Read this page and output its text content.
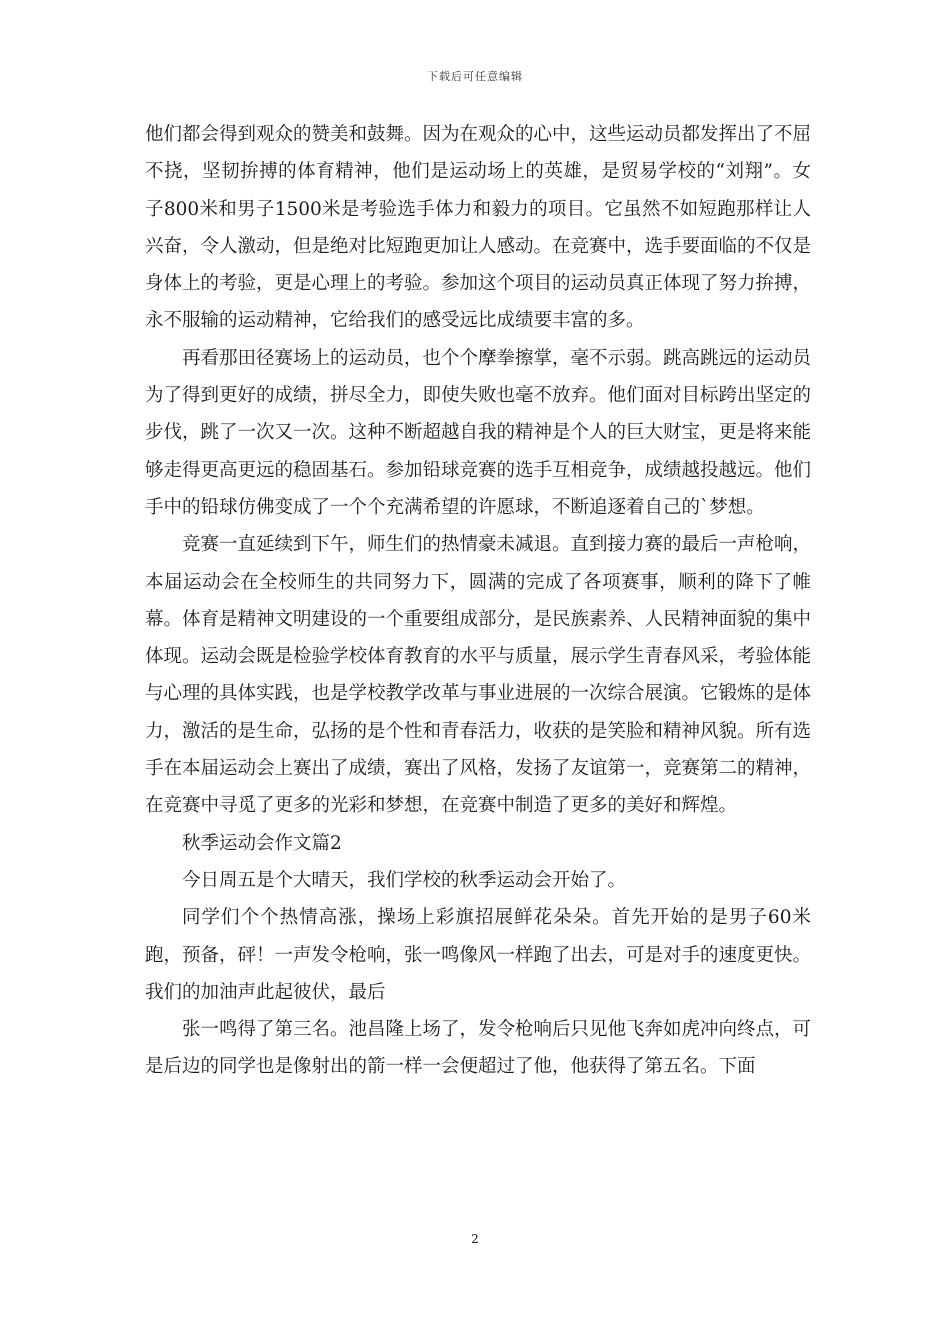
下载后可任意编辑

他们都会得到观众的赞美和鼓舞。因为在观众的心中，这些运动员都发挥出了不屈不挠，坚韧拚搏的体育精神，他们是运动场上的英雄，是贸易学校的“刘翔”。女子800米和男子1500米是考验选手体力和毅力的项目。它虽然不如短跑那样让人兴奋，令人激动，但是绝对比短跑更加让人感动。在竞赛中，选手要面临的不仅是身体上的考验，更是心理上的考验。参加这个项目的运动员真正体现了努力拚搏，永不服输的运动精神，它给我们的感受远比成绩要丰富的多。

再看那田径赛场上的运动员，也个个摩拳擦掌，毫不示弱。跳高跳远的运动员为了得到更好的成绩，拼尽全力，即使失败也毫不放弃。他们面对目标跨出坚定的步伐，跳了一次又一次。这种不断超越自我的精神是个人的巨大财宝，更是将来能够走得更高更远的稳固基石。参加铅球竞赛的选手互相竞争，成绩越投越远。他们手中的铅球仿佛变成了一个个充满希望的许愿球，不断追逐着自己的`梦想。

竞赛一直延续到下午，师生们的热情豪未减退。直到接力赛的最后一声枪响，本届运动会在全校师生的共同努力下，圆满的完成了各项赛事，顺利的降下了帷幕。体育是精神文明建设的一个重要组成部分，是民族素养、人民精神面貌的集中体现。运动会既是检验学校体育教育的水平与质量，展示学生青春风采，考验体能与心理的具体实践，也是学校教学改革与事业进展的一次综合展演。它锻炼的是体力，激活的是生命，弘扬的是个性和青春活力，收获的是笑脸和精神风貌。所有选手在本届运动会上赛出了成绩，赛出了风格，发扬了友谊第一，竞赛第二的精神，在竞赛中寻觅了更多的光彩和梦想，在竞赛中制造了更多的美好和辉煌。

秋季运动会作文篇2

今日周五是个大晴天，我们学校的秋季运动会开始了。

同学们个个热情高涨，操场上彩旗招展鲜花朵朵。首先开始的是男子60米跑，预备，砰！一声发令枪响，张一鸣像风一样跑了出去，可是对手的速度更快。我们的加油声此起彼伏，最后

张一鸣得了第三名。池昌隆上场了，发令枪响后只见他飞奔如虎冲向终点，可是后边的同学也是像射出的箭一样一会便超过了他，他获得了第五名。下面

2
